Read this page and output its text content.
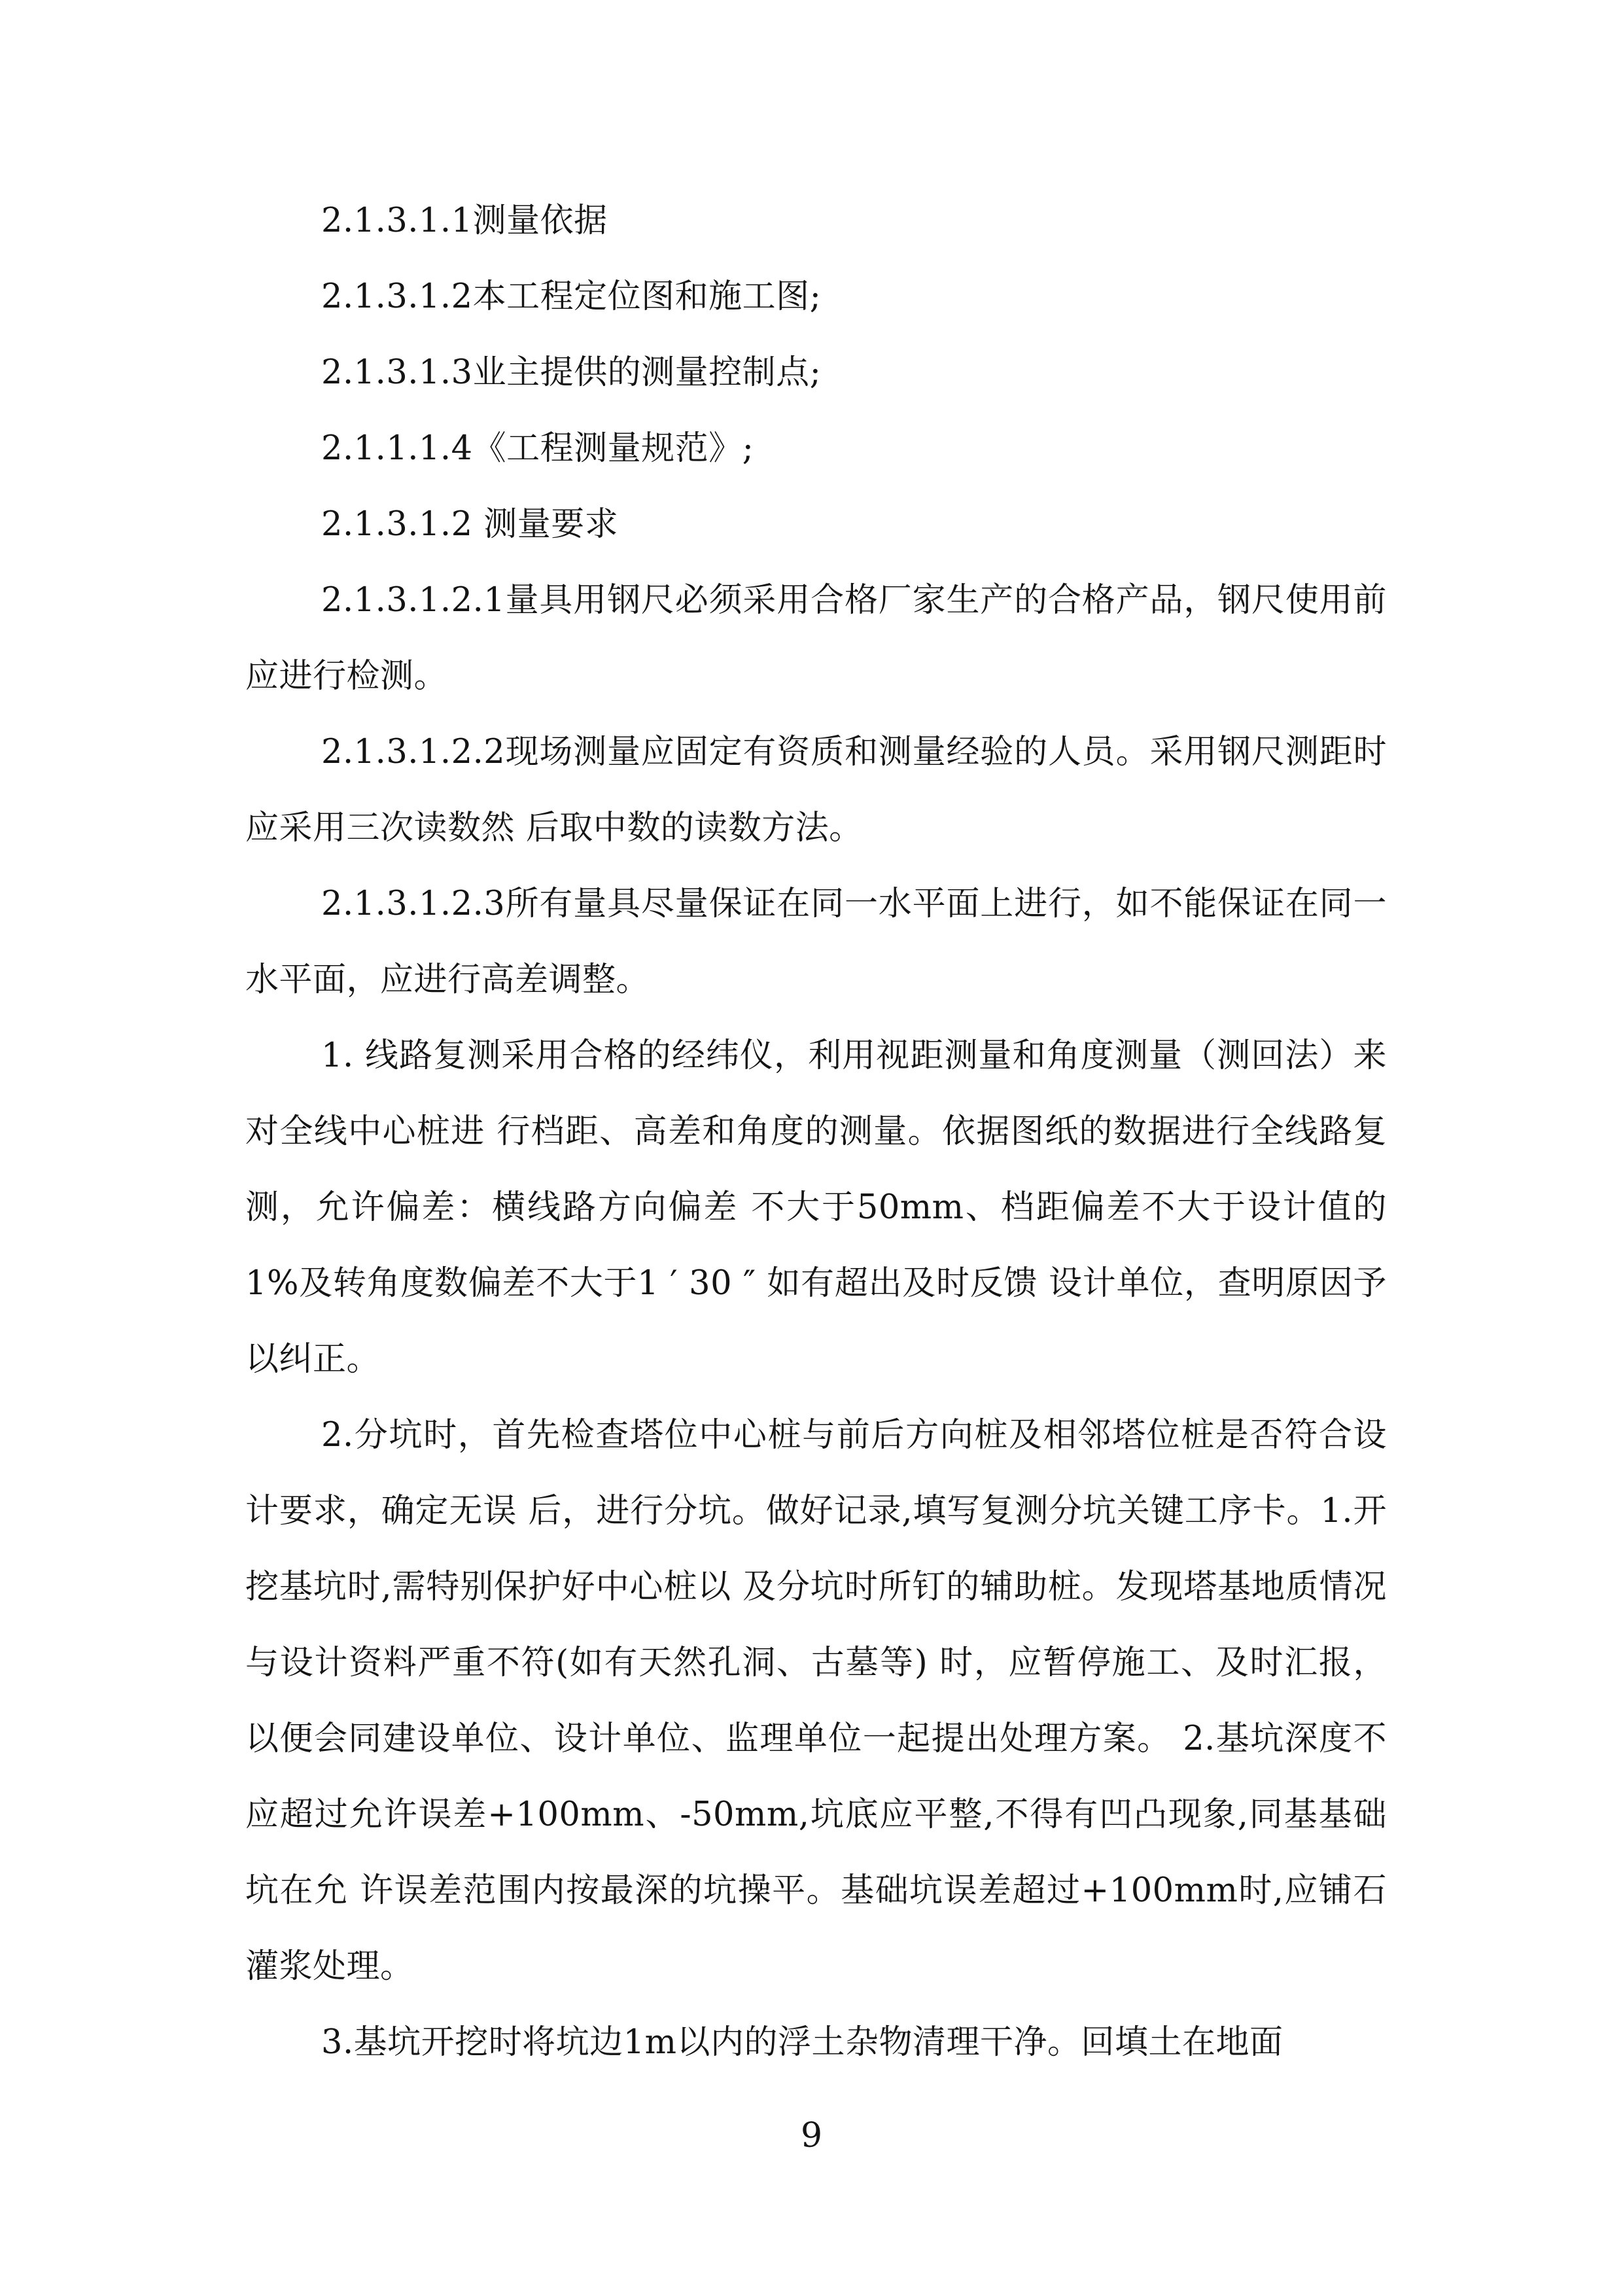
2.1.3.1.1测量依据

2.1.3.1.2本工程定位图和施工图;

2.1.3.1.3业主提供的测量控制点;

2.1.1.1.4《工程测量规范》;

2.1.3.1.2 测量要求

2.1.3.1.2.1量具用钢尺必须采用合格厂家生产的合格产品，钢尺使用前应进行检测。

2.1.3.1.2.2现场测量应固定有资质和测量经验的人员。采用钢尺测距时应采用三次读数然 后取中数的读数方法。

2.1.3.1.2.3所有量具尽量保证在同一水平面上进行，如不能保证在同一水平面，应进行高差调整。

1. 线路复测采用合格的经纬仪，利用视距测量和角度测量（测回法）来对全线中心桩进 行档距、高差和角度的测量。依据图纸的数据进行全线路复测，允许偏差：横线路方向偏差 不大于50mm、档距偏差不大于设计值的1%及转角度数偏差不大于1 ′ 30 ″ 如有超出及时反馈 设计单位，查明原因予以纠正。

2.分坑时，首先检查塔位中心桩与前后方向桩及相邻塔位桩是否符合设计要求，确定无误 后，进行分坑。做好记录,填写复测分坑关键工序卡。1.开挖基坑时,需特别保护好中心桩以 及分坑时所钉的辅助桩。发现塔基地质情况与设计资料严重不符(如有天然孔洞、古墓等) 时，应暂停施工、及时汇报，以便会同建设单位、设计单位、监理单位一起提出处理方案。 2.基坑深度不应超过允许误差+100mm、-50mm,坑底应平整,不得有凹凸现象,同基基础坑在允 许误差范围内按最深的坑操平。基础坑误差超过+100mm时,应铺石灌浆处理。

3.基坑开挖时将坑边1m以内的浮土杂物清理干净。回填土在地面

9
